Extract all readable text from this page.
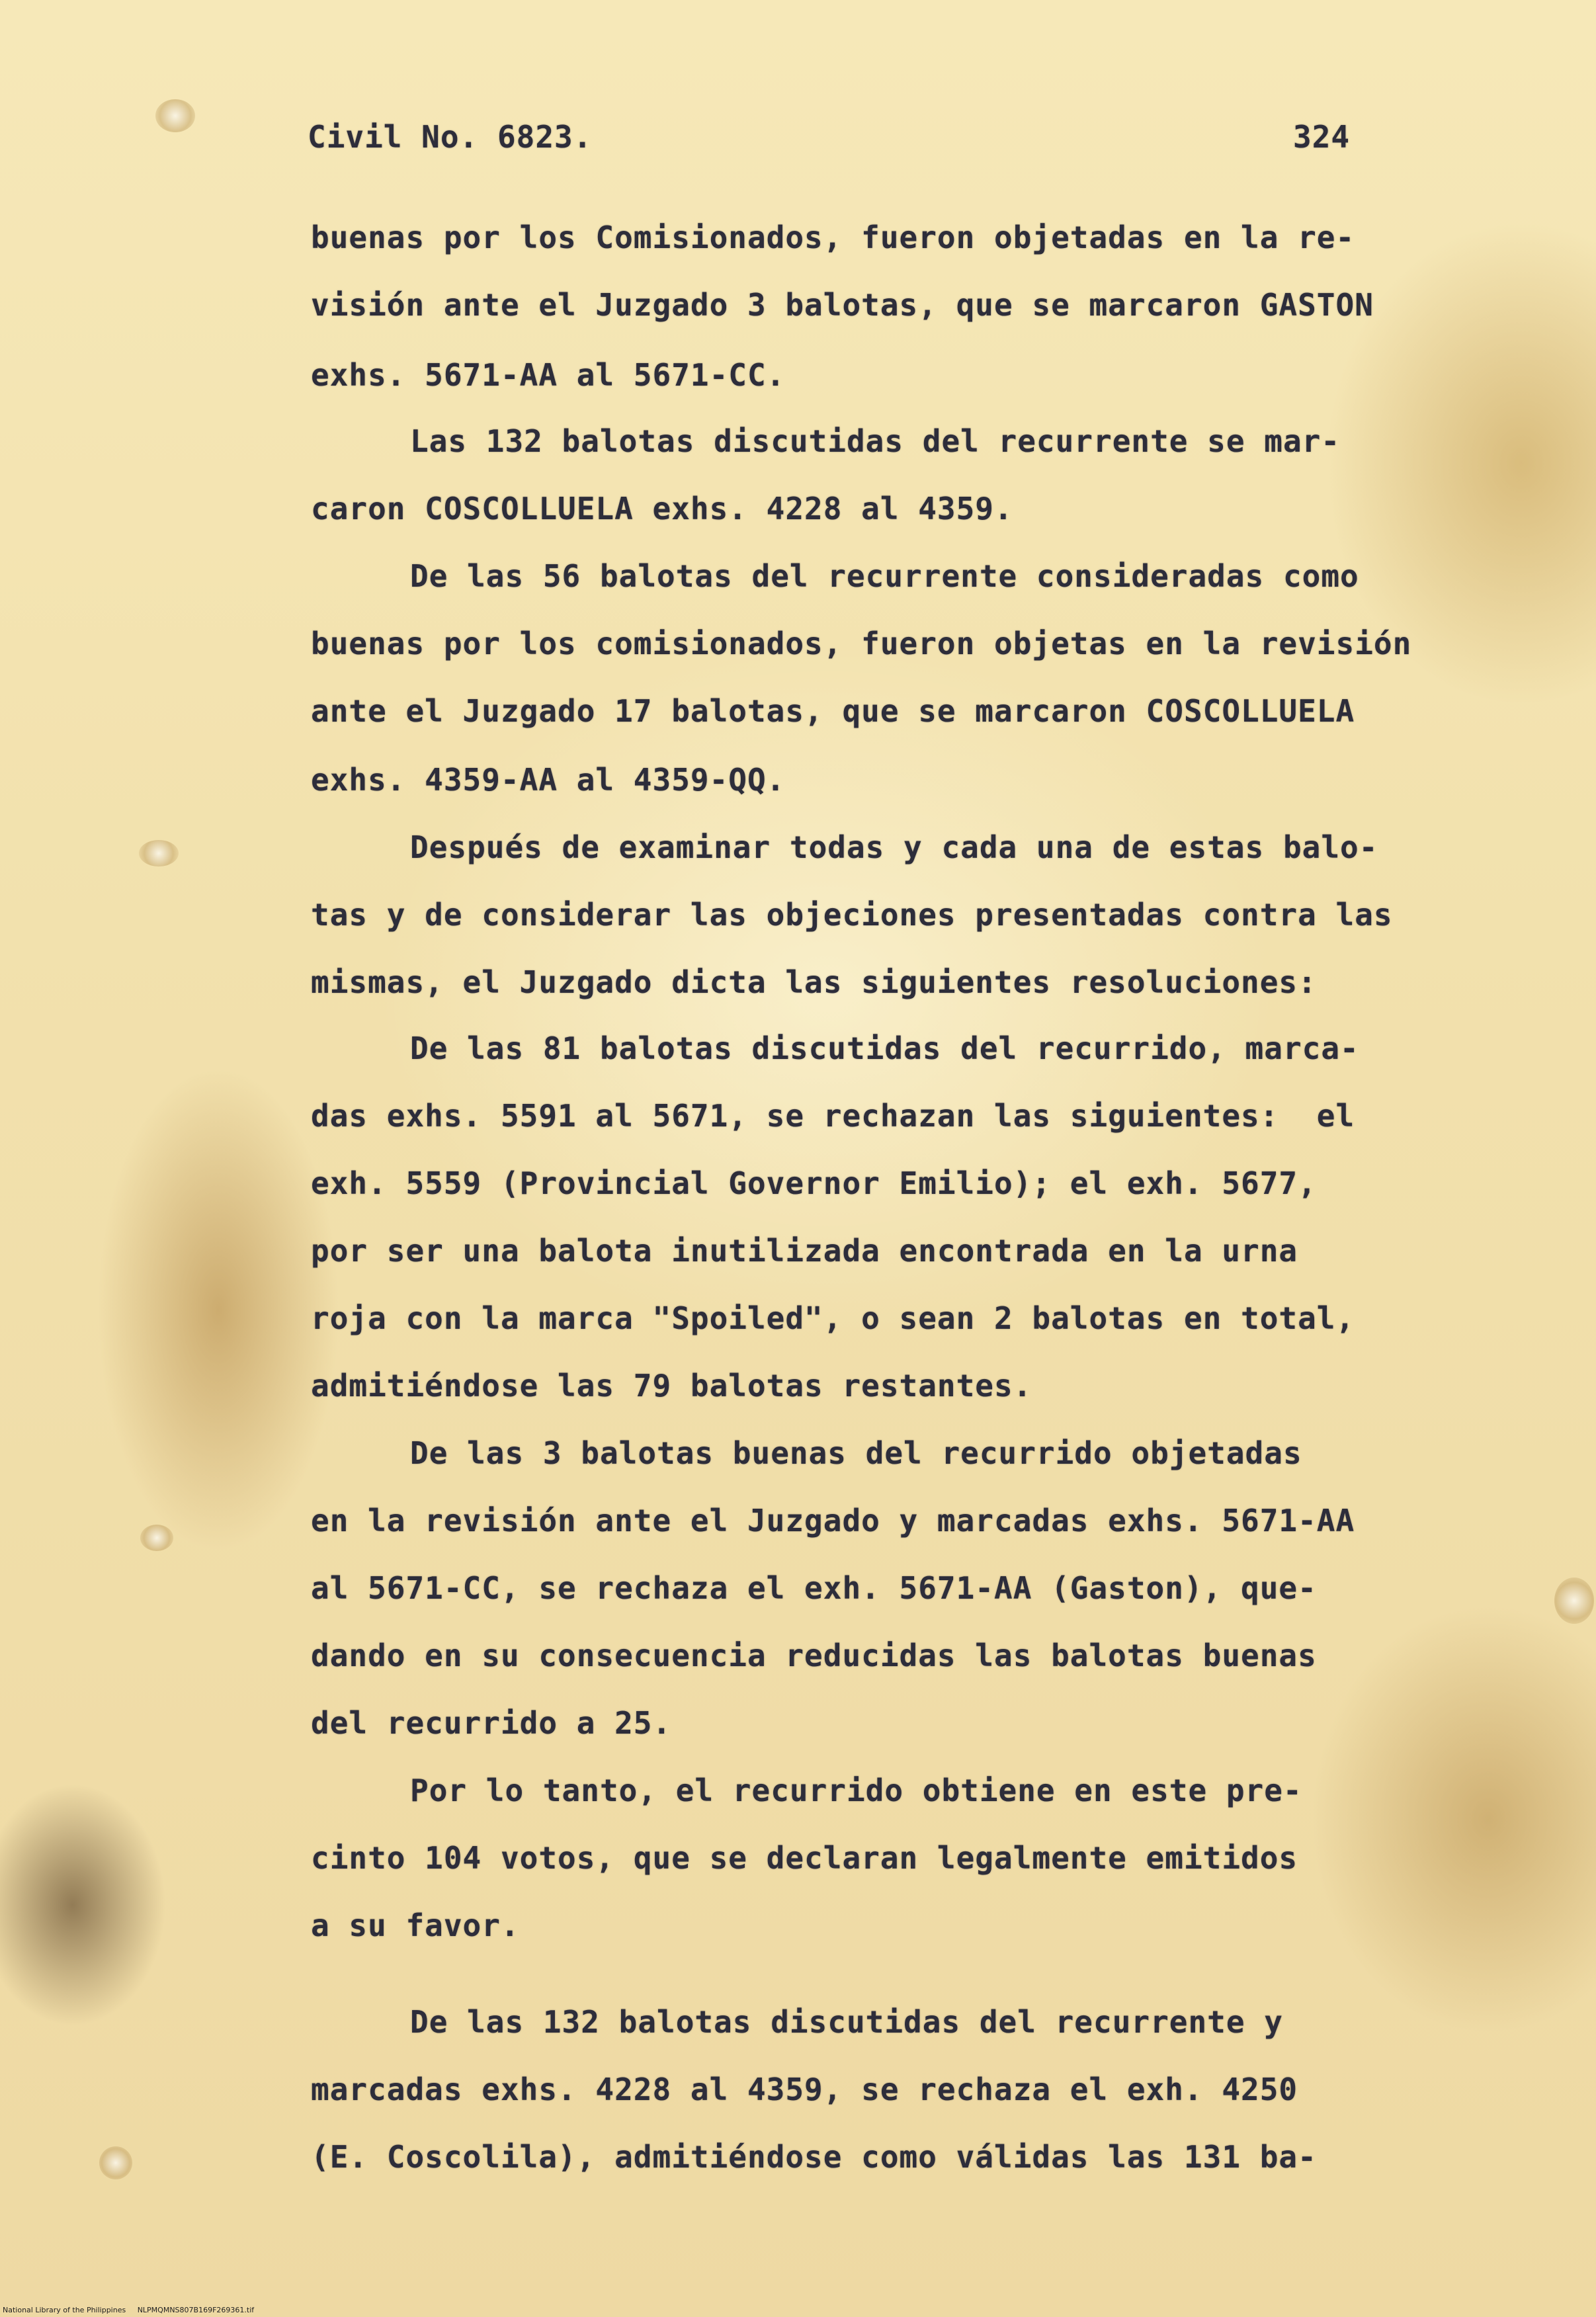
Civil No. 6823.	324
buenas por los Comisionados, fueron objetadas en la re-
visión ante el Juzgado 3 balotas, que se marcaron GASTON
exhs. 5671-AA al 5671-CC.
Las 132 balotas discutidas del recurrente se mar-
caron COSCOLLUELA exhs. 4228 al 4359.
De las 56 balotas del recurrente consideradas como
buenas por los comisionados, fueron objetas en la revisión
ante el Juzgado 17 balotas, que se marcaron COSCOLLUELA
exhs. 4359-AA al 4359-QQ.
Después de examinar todas y cada una de estas balo-
tas y de considerar las objeciones presentadas contra las
mismas, el Juzgado dicta las siguientes resoluciones:
De las 81 balotas discutidas del recurrido, marca-
das exhs. 5591 al 5671, se rechazan las siguientes:  el
exh. 5559 (Provincial Governor Emilio); el exh. 5677,
por ser una balota inutilizada encontrada en la urna
roja con la marca "Spoiled", o sean 2 balotas en total,
admitiéndose las 79 balotas restantes.
De las 3 balotas buenas del recurrido objetadas
en la revisión ante el Juzgado y marcadas exhs. 5671-AA
al 5671-CC, se rechaza el exh. 5671-AA (Gaston), que-
dando en su consecuencia reducidas las balotas buenas
del recurrido a 25.
Por lo tanto, el recurrido obtiene en este pre-
cinto 104 votos, que se declaran legalmente emitidos
a su favor.
De las 132 balotas discutidas del recurrente y
marcadas exhs. 4228 al 4359, se rechaza el exh. 4250
(E. Coscolila), admitiéndose como válidas las 131 ba-
National Library of the Philippines     NLPMQMNS807B169F269361.tif
